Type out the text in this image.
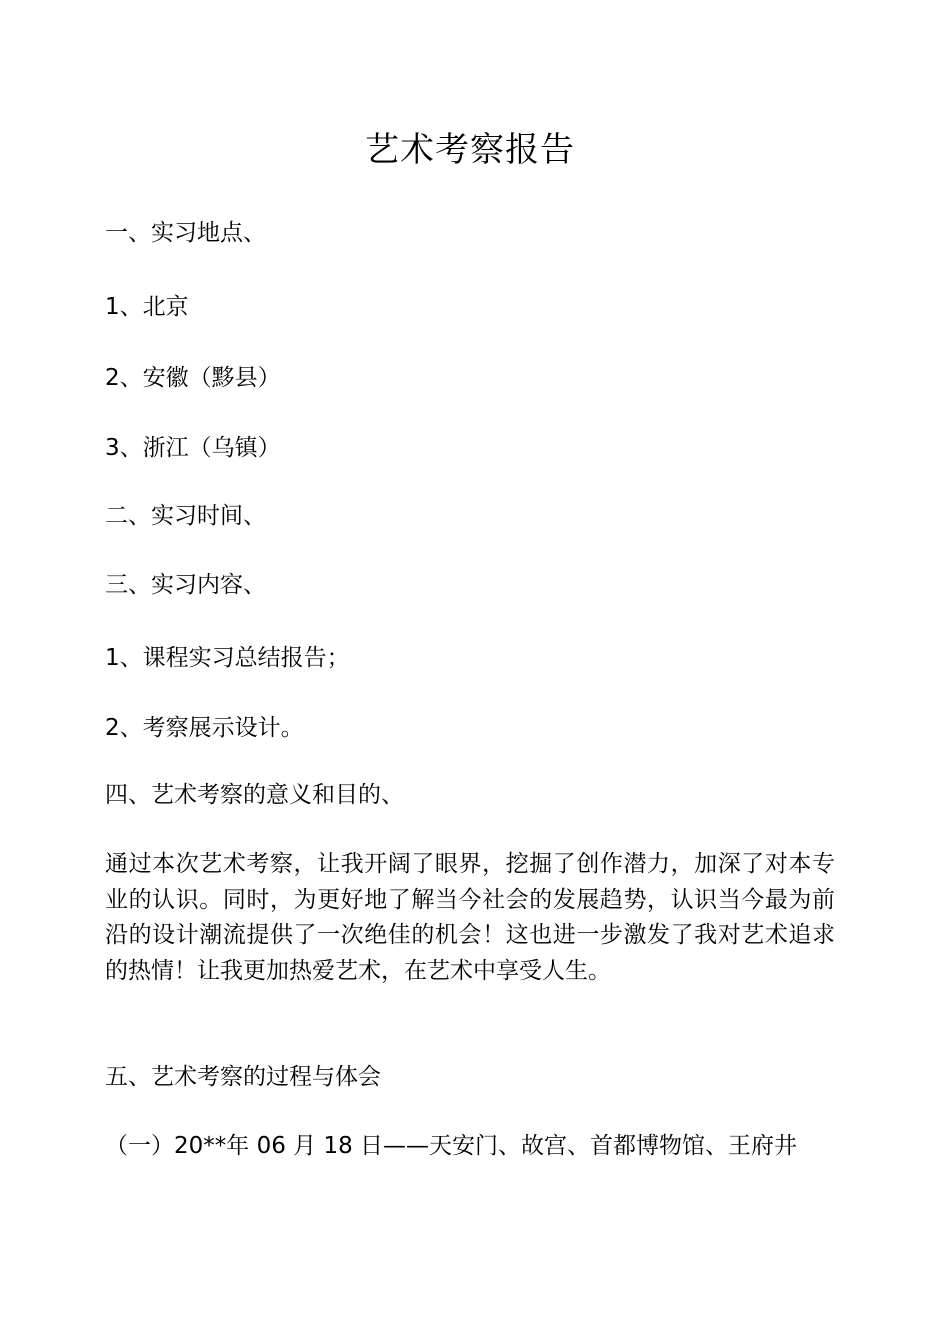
艺术考察报告
一、实习地点、
1、北京
2、安徽（黟县）
3、浙江（乌镇）
二、实习时间、
三、实习内容、
1、课程实习总结报告；
2、考察展示设计。
四、艺术考察的意义和目的、
通过本次艺术考察，让我开阔了眼界，挖掘了创作潜力，加深了对本专业的认识。同时，为更好地了解当今社会的发展趋势，认识当今最为前沿的设计潮流提供了一次绝佳的机会！这也进一步激发了我对艺术追求的热情！让我更加热爱艺术，在艺术中享受人生。
五、艺术考察的过程与体会
（一）20**年 06 月 18 日——天安门、故宫、首都博物馆、王府井
